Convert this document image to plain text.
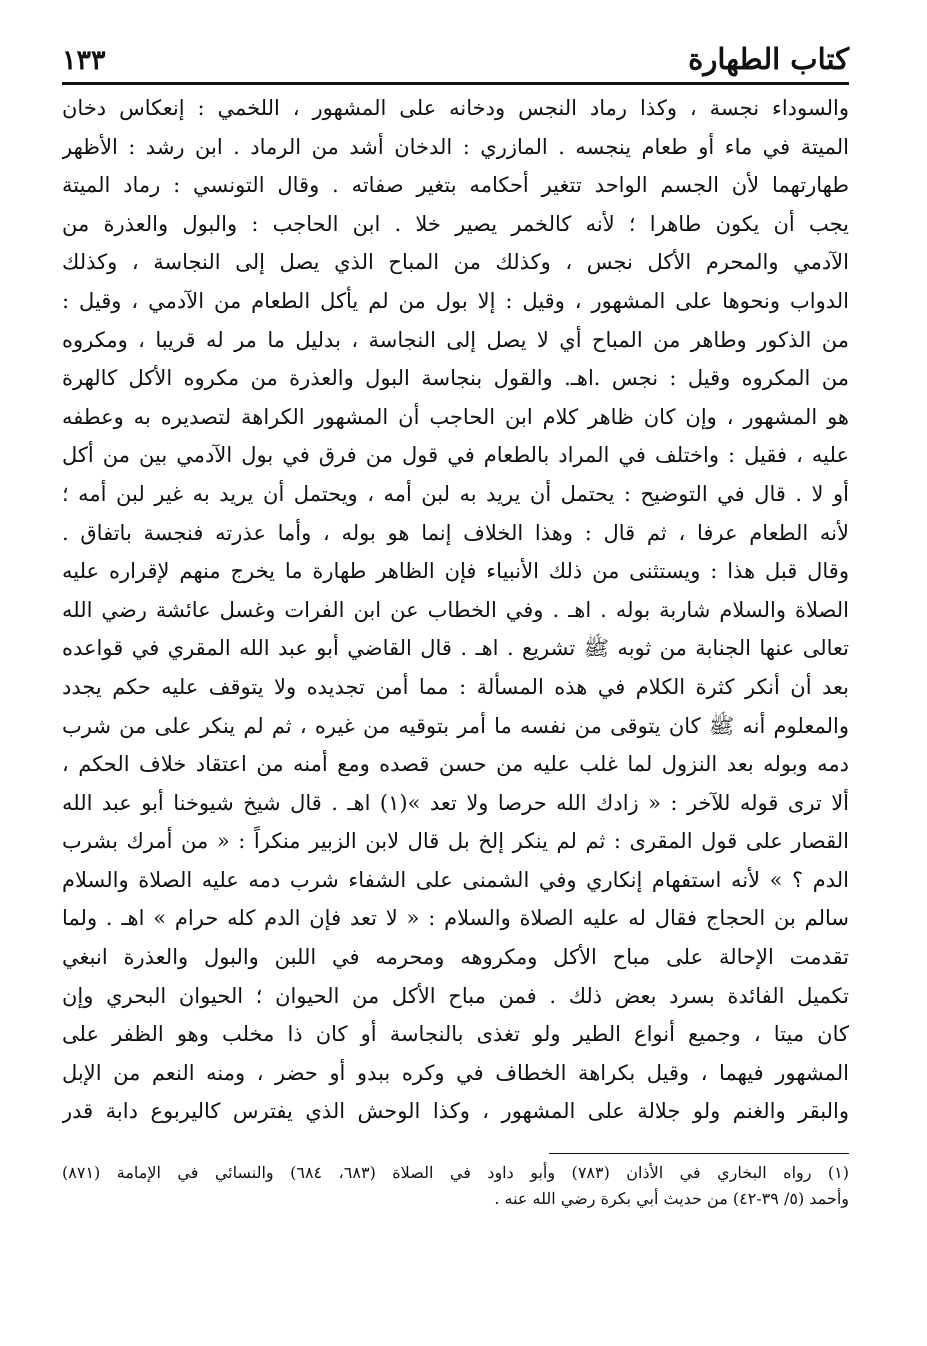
كتاب الطهارة
١٣٣
والسوداء نجسة ، وكذا رماد النجس ودخانه على المشهور ، اللخمي : إنعكاس دخان
الميتة في ماء أو طعام ينجسه . المازري : الدخان أشد من الرماد . ابن رشد : الأظهر
طهارتهما لأن الجسم الواحد تتغير أحكامه بتغير صفاته . وقال التونسي : رماد الميتة
يجب أن يكون طاهرا ؛ لأنه كالخمر يصير خلا . ابن الحاجب : والبول والعذرة من
الآدمي والمحرم الأكل نجس ، وكذلك من المباح الذي يصل إلى النجاسة ، وكذلك
الدواب ونحوها على المشهور ، وقيل : إلا بول من لم يأكل الطعام من الآدمي ، وقيل :
من الذكور وطاهر من المباح أي لا يصل إلى النجاسة ، بدليل ما مر له قريبا ، ومكروه
من المكروه وقيل : نجس .اهـ. والقول بنجاسة البول والعذرة من مكروه الأكل كالهرة
هو المشهور ، وإن كان ظاهر كلام ابن الحاجب أن المشهور الكراهة لتصديره به وعطفه
عليه ، فقيل : واختلف في المراد بالطعام في قول من فرق في بول الآدمي بين من أكل
أو لا . قال في التوضيح : يحتمل أن يريد به لبن أمه ، ويحتمل أن يريد به غير لبن أمه ؛
لأنه الطعام عرفا ، ثم قال : وهذا الخلاف إنما هو بوله ، وأما عذرته فنجسة باتفاق .
وقال قبل هذا : ويستثنى من ذلك الأنبياء فإن الظاهر طهارة ما يخرج منهم لإقراره عليه
الصلاة والسلام شاربة بوله . اهـ . وفي الخطاب عن ابن الفرات وغسل عائشة رضي الله
تعالى عنها الجنابة من ثوبه ﷺ تشريع . اهـ . قال القاضي أبو عبد الله المقري في قواعده
بعد أن أنكر كثرة الكلام في هذه المسألة : مما أمن تجديده ولا يتوقف عليه حكم يجدد
والمعلوم أنه ﷺ كان يتوقى من نفسه ما أمر بتوقيه من غيره ، ثم لم ينكر على من شرب
دمه وبوله بعد النزول لما غلب عليه من حسن قصده ومع أمنه من اعتقاد خلاف الحكم ،
ألا ترى قوله للآخر : « زادك الله حرصا ولا تعد »(١) اهـ . قال شيخ شيوخنا أبو عبد الله
القصار على قول المقرى : ثم لم ينكر إلخ بل قال لابن الزبير منكراً : « من أمرك بشرب
الدم ؟ » لأنه استفهام إنكاري وفي الشمنى على الشفاء شرب دمه عليه الصلاة والسلام
سالم بن الحجاج فقال له عليه الصلاة والسلام : « لا تعد فإن الدم كله حرام » اهـ . ولما
تقدمت الإحالة على مباح الأكل ومكروهه ومحرمه في اللبن والبول والعذرة انبغي
تكميل الفائدة بسرد بعض ذلك . فمن مباح الأكل من الحيوان ؛ الحيوان البحري وإن
كان ميتا ، وجميع أنواع الطير ولو تغذى بالنجاسة أو كان ذا مخلب وهو الظفر على
المشهور فيهما ، وقيل بكراهة الخطاف في وكره ببدو أو حضر ، ومنه النعم من الإبل
والبقر والغنم ولو جلالة على المشهور ، وكذا الوحش الذي يفترس كاليربوع دابة قدر
(١) رواه البخاري في الأذان (٧٨٣) وأبو داود في الصلاة (٦٨٣، ٦٨٤) والنسائي في الإمامة (٨٧١)
وأحمد (٥/ ٣٩-٤٢) من حديث أبي بكرة رضي الله عنه .
